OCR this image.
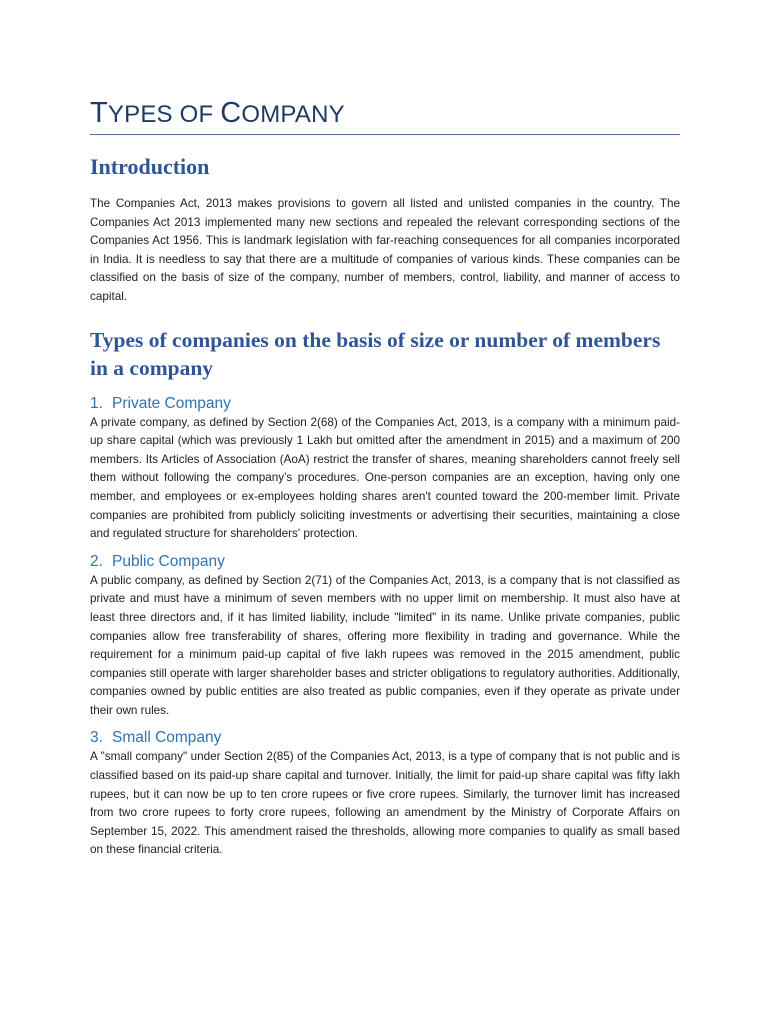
TYPES OF COMPANY
Introduction

The Companies Act, 2013 makes provisions to govern all listed and unlisted companies in the country. The Companies Act 2013 implemented many new sections and repealed the relevant corresponding sections of the Companies Act 1956. This is landmark legislation with far-reaching consequences for all companies incorporated in India. It is needless to say that there are a multitude of companies of various kinds. These companies can be classified on the basis of size of the company, number of members, control, liability, and manner of access to capital.

Types of companies on the basis of size or number of members in a company
1. Private Company

A private company, as defined by Section 2(68) of the Companies Act, 2013, is a company with a minimum paid-up share capital (which was previously 1 Lakh but omitted after the amendment in 2015) and a maximum of 200 members. Its Articles of Association (AoA) restrict the transfer of shares, meaning shareholders cannot freely sell them without following the company’s procedures. One-person companies are an exception, having only one member, and employees or ex-employees holding shares aren't counted toward the 200-member limit. Private companies are prohibited from publicly soliciting investments or advertising their securities, maintaining a close and regulated structure for shareholders' protection.

2. Public Company

A public company, as defined by Section 2(71) of the Companies Act, 2013, is a company that is not classified as private and must have a minimum of seven members with no upper limit on membership. It must also have at least three directors and, if it has limited liability, include "limited" in its name. Unlike private companies, public companies allow free transferability of shares, offering more flexibility in trading and governance. While the requirement for a minimum paid-up capital of five lakh rupees was removed in the 2015 amendment, public companies still operate with larger shareholder bases and stricter obligations to regulatory authorities. Additionally, companies owned by public entities are also treated as public companies, even if they operate as private under their own rules.

3. Small Company

A "small company" under Section 2(85) of the Companies Act, 2013, is a type of company that is not public and is classified based on its paid-up share capital and turnover. Initially, the limit for paid-up share capital was fifty lakh rupees, but it can now be up to ten crore rupees or five crore rupees. Similarly, the turnover limit has increased from two crore rupees to forty crore rupees, following an amendment by the Ministry of Corporate Affairs on September 15, 2022. This amendment raised the thresholds, allowing more companies to qualify as small based on these financial criteria.
